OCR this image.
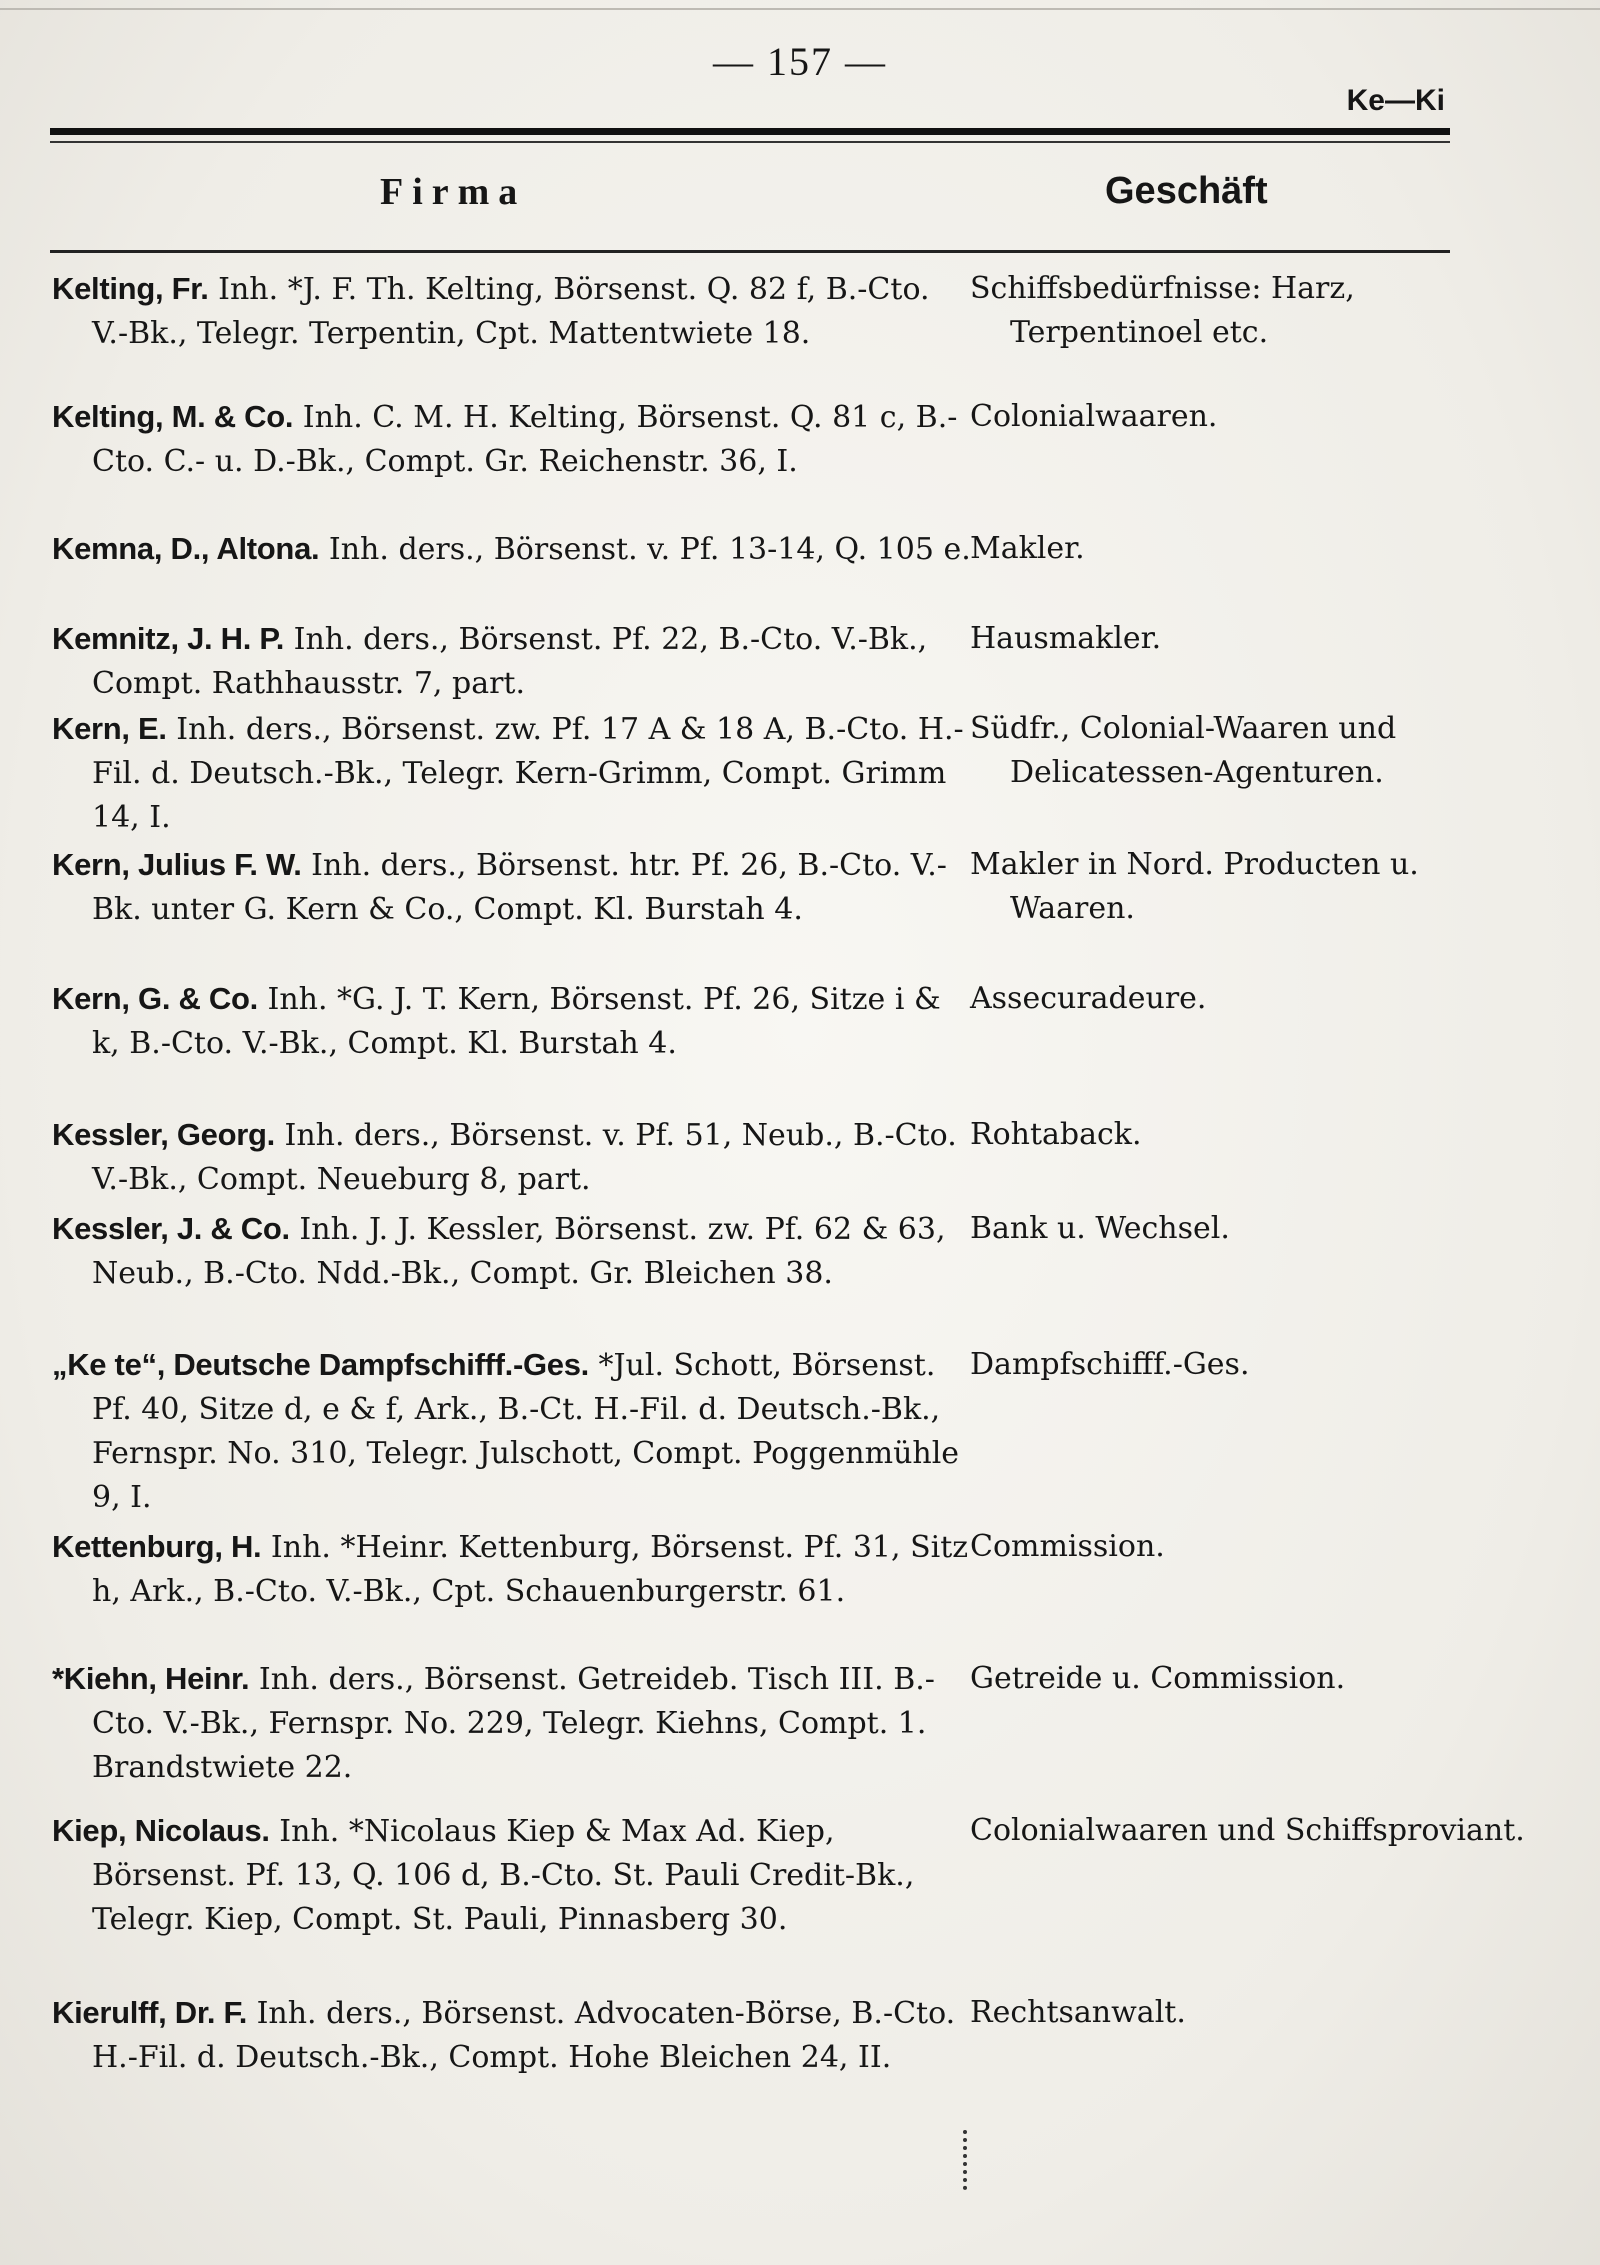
— 157 —
Ke—Ki
Firma	Geschäft
Kelting, Fr. Inh. *J. F. Th. Kelting, Börsenst. Q. 82 f, B.-Cto. V.-Bk., Telegr. Terpentin, Cpt. Mattentwiete 18.
Schiffsbedürfnisse: Harz, Terpentinoel etc.
Kelting, M. & Co. Inh. C. M. H. Kelting, Börsenst. Q. 81 c, B.-Cto. C.- u. D.-Bk., Compt. Gr. Reichenstr. 36, I.
Colonialwaaren.
Kemna, D., Altona. Inh. ders., Börsenst. v. Pf. 13-14, Q. 105 e. Makler.
Kemnitz, J. H. P. Inh. ders., Börsenst. Pf. 22, B.-Cto. V.-Bk., Compt. Rathhausstr. 7, part.
Hausmakler.
Kern, E. Inh. ders., Börsenst. zw. Pf. 17 A & 18 A, B.-Cto. H.-Fil. d. Deutsch.-Bk., Telegr. Kern-Grimm, Compt. Grimm 14, I.
Südfr., Colonial-Waaren und Delicatessen-Agenturen.
Kern, Julius F. W. Inh. ders., Börsenst. htr. Pf. 26, B.-Cto. V.-Bk. unter G. Kern & Co., Compt. Kl. Burstah 4.
Makler in Nord. Producten u. Waaren.
Kern, G. & Co. Inh. *G. J. T. Kern, Börsenst. Pf. 26, Sitze i & k, B.-Cto. V.-Bk., Compt. Kl. Burstah 4.
Assecuradeure.
Kessler, Georg. Inh. ders., Börsenst. v. Pf. 51, Neub., B.-Cto. V.-Bk., Compt. Neueburg 8, part.
Rohtaback.
Kessler, J. & Co. Inh. J. J. Kessler, Börsenst. zw. Pf. 62 & 63, Neub., B.-Cto. Ndd.-Bk., Compt. Gr. Bleichen 38.
Bank u. Wechsel.
„Ke te“, Deutsche Dampfschifff.-Ges. *Jul. Schott, Börsenst. Pf. 40, Sitze d, e & f, Ark., B.-Ct. H.-Fil. d. Deutsch.-Bk., Fernspr. No. 310, Telegr. Julschott, Compt. Poggenmühle 9, I.
Dampfschifff.-Ges.
Kettenburg, H. Inh. *Heinr. Kettenburg, Börsenst. Pf. 31, Sitz h, Ark., B.-Cto. V.-Bk., Cpt. Schauenburgerstr. 61.
Commission.
*Kiehn, Heinr. Inh. ders., Börsenst. Getreideb. Tisch III. B.-Cto. V.-Bk., Fernspr. No. 229, Telegr. Kiehns, Compt. 1. Brandstwiete 22.
Getreide u. Commission.
Kiep, Nicolaus. Inh. *Nicolaus Kiep & Max Ad. Kiep, Börsenst. Pf. 13, Q. 106 d, B.-Cto. St. Pauli Credit-Bk., Telegr. Kiep, Compt. St. Pauli, Pinnasberg 30.
Colonialwaaren und Schiffsproviant.
Kierulff, Dr. F. Inh. ders., Börsenst. Advocaten-Börse, B.-Cto. H.-Fil. d. Deutsch.-Bk., Compt. Hohe Bleichen 24, II.
Rechtsanwalt.
